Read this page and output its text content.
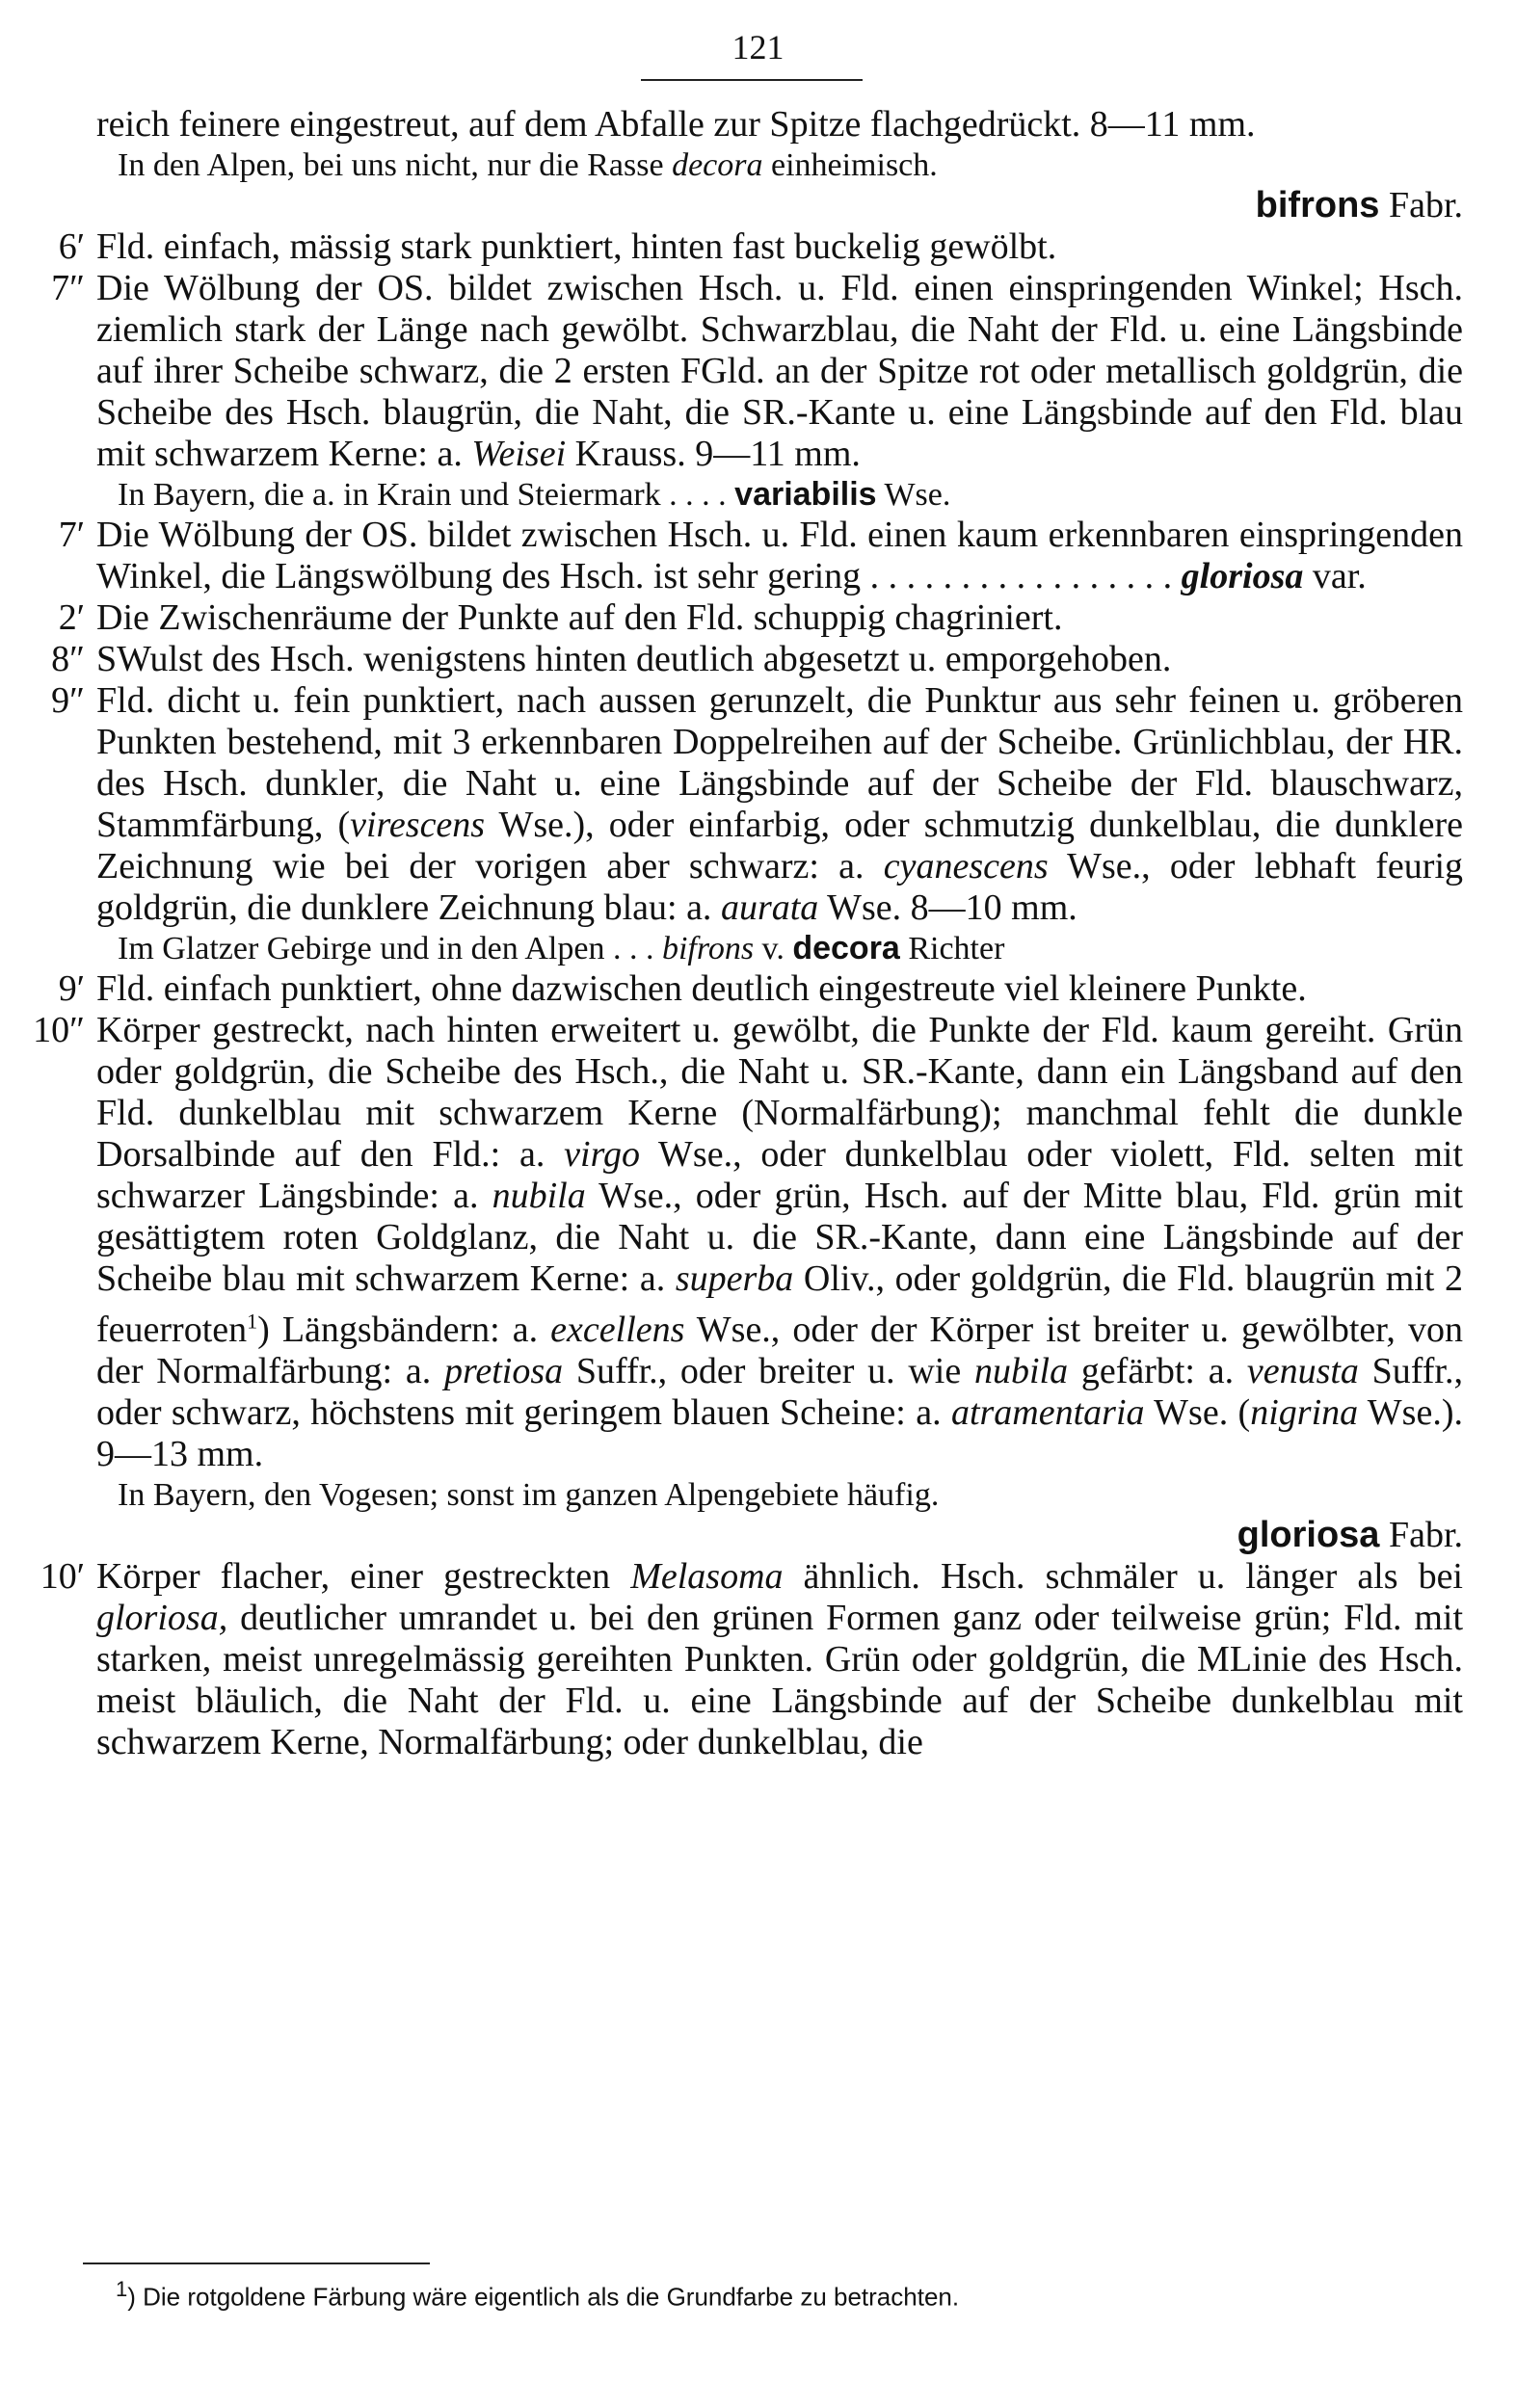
121
reich feinere eingestreut, auf dem Abfalle zur Spitze flachgedrückt. 8—11 mm.
In den Alpen, bei uns nicht, nur die Rasse decora einheimisch.
bifrons Fabr.
6′ Fld. einfach, mässig stark punktiert, hinten fast buckelig gewölbt.
7″ Die Wölbung der OS. bildet zwischen Hsch. u. Fld. einen einspringenden Winkel; Hsch. ziemlich stark der Länge nach gewölbt. Schwarzblau, die Naht der Fld. u. eine Längsbinde auf ihrer Scheibe schwarz, die 2 ersten FGld. an der Spitze rot oder metallisch goldgrün, die Scheibe des Hsch. blaugrün, die Naht, die SR.-Kante u. eine Längsbinde auf den Fld. blau mit schwarzem Kerne: a. Weisei Krauss. 9—11 mm.
In Bayern, die a. in Krain und Steiermark . . . . variabilis Wse.
7′ Die Wölbung der OS. bildet zwischen Hsch. u. Fld. einen kaum erkennbaren einspringenden Winkel, die Längswölbung des Hsch. ist sehr gering . . . . . . . . . . . . . . . . . gloriosa var.
2′ Die Zwischenräume der Punkte auf den Fld. schuppig chagriniert.
8″ SWulst des Hsch. wenigstens hinten deutlich abgesetzt u. emporgehoben.
9″ Fld. dicht u. fein punktiert, nach aussen gerunzelt, die Punktur aus sehr feinen u. gröberen Punkten bestehend, mit 3 erkennbaren Doppelreihen auf der Scheibe. Grünlichblau, der HR. des Hsch. dunkler, die Naht u. eine Längsbinde auf der Scheibe der Fld. blauschwarz, Stammfärbung, (virescens Wse.), oder einfarbig, oder schmutzig dunkelblau, die dunklere Zeichnung wie bei der vorigen aber schwarz: a. cyanescens Wse., oder lebhaft feurig goldgrün, die dunklere Zeichnung blau: a. aurata Wse. 8—10 mm.
Im Glatzer Gebirge und in den Alpen . . . bifrons v. decora Richter
9′ Fld. einfach punktiert, ohne dazwischen deutlich eingestreute viel kleinere Punkte.
10″ Körper gestreckt, nach hinten erweitert u. gewölbt, die Punkte der Fld. kaum gereiht. Grün oder goldgrün, die Scheibe des Hsch., die Naht u. SR.-Kante, dann ein Längsband auf den Fld. dunkelblau mit schwarzem Kerne (Normalfärbung); manchmal fehlt die dunkle Dorsalbinde auf den Fld.: a. virgo Wse., oder dunkelblau oder violett, Fld. selten mit schwarzer Längsbinde: a. nubila Wse., oder grün, Hsch. auf der Mitte blau, Fld. grün mit gesättigtem roten Goldglanz, die Naht u. die SR.-Kante, dann eine Längsbinde auf der Scheibe blau mit schwarzem Kerne: a. superba Oliv., oder goldgrün, die Fld. blaugrün mit 2 feuerroten$^1$) Längsbändern: a. excellens Wse., oder der Körper ist breiter u. gewölbter, von der Normalfärbung: a. pretiosa Suffr., oder breiter u. wie nubila gefärbt: a. venusta Suffr., oder schwarz, höchstens mit geringem blauen Scheine: a. atramentaria Wse. (nigrina Wse.). 9—13 mm.
In Bayern, den Vogesen; sonst im ganzen Alpengebiete häufig.
gloriosa Fabr.
10′ Körper flacher, einer gestreckten Melasoma ähnlich. Hsch. schmäler u. länger als bei gloriosa, deutlicher umrandet u. bei den grünen Formen ganz oder teilweise grün; Fld. mit starken, meist unregelmässig gereihten Punkten. Grün oder goldgrün, die MLinie des Hsch. meist bläulich, die Naht der Fld. u. eine Längsbinde auf der Scheibe dunkelblau mit schwarzem Kerne, Normalfärbung; oder dunkelblau, die
$^1$) Die rotgoldene Färbung wäre eigentlich als die Grundfarbe zu betrachten.
